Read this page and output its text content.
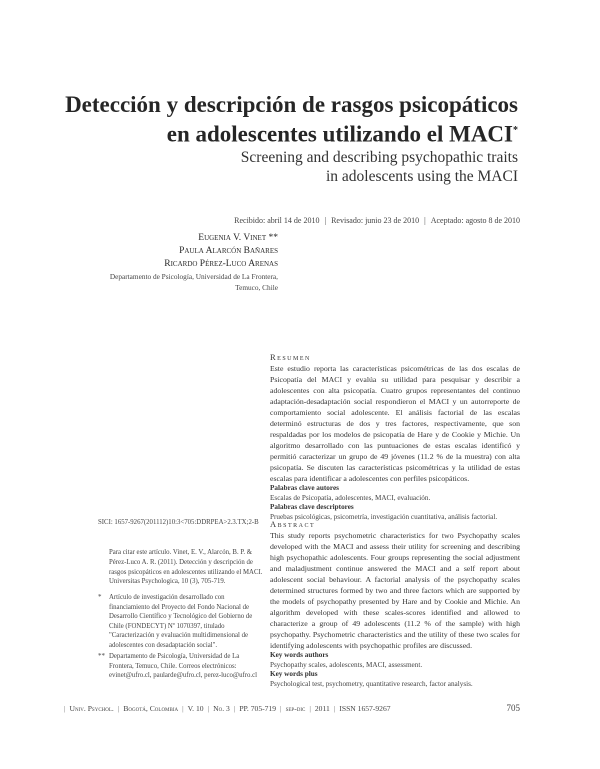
Detección y descripción de rasgos psicopáticos
en adolescentes utilizando el MACI*
Screening and describing psychopathic traits
in adolescents using the MACI
Recibido: abril 14 de 2010 | Revisado: junio 23 de 2010 | Aceptado: agosto 8 de 2010
Eugenia V. Vinet **
Paula Alarcón Bañares
Ricardo Pérez-Luco Arenas
Departamento de Psicología, Universidad de La Frontera,
Temuco, Chile
Resumen
Este estudio reporta las características psicométricas de las dos escalas de Psicopatía del MACI y evalúa su utilidad para pesquisar y describir a adolescentes con alta psicopatía. Cuatro grupos representantes del continuo adaptación-desadaptación social respondieron el MACI y un autorreporte de comportamiento social adolescente. El análisis factorial de las escalas determinó estructuras de dos y tres factores, respectivamente, que son respaldadas por los modelos de psicopatía de Hare y de Cookie y Michie. Un algoritmo desarrollado con las puntuaciones de estas escalas identificó y permitió caracterizar un grupo de 49 jóvenes (11.2 % de la muestra) con alta psicopatía. Se discuten las características psicométricas y la utilidad de estas escalas para identificar a adolescentes con perfiles psicopáticos.
Palabras clave autores
Escalas de Psicopatía, adolescentes, MACI, evaluación.
Palabras clave descriptores
Pruebas psicológicas, psicometría, investigación cuantitativa, análisis factorial.
SICI: 1657-9267(201112)10:3<705:DDRPEA>2.3.TX;2-B	Abstract
This study reports psychometric characteristics for two Psychopathy scales developed with the MACI and assess their utility for screening and describing high psychopathic adolescents. Four groups representing the social adjustment and maladjustment continue answered the MACI and a self report about adolescent social behaviour. A factorial analysis of the psychopathy scales determined structures formed by two and three factors which are supported by the models of psychopathy presented by Hare and by Cookie and Michie. An algorithm developed with these scales-scores identified and allowed to characterize a group of 49 adolescents (11.2 % of the sample) with high psychopathy. Psychometric characteristics and the utility of these two scales for identifying adolescents with psychopathic profiles are discussed.
Key words authors
Psychopathy scales, adolescents, MACI, assessment.
Key words plus
Psychological test, psychometry, quantitative research, factor analysis.
Para citar este artículo. Vinet, E. V., Alarcón, B. P. & Pérez-Luco A. R. (2011). Detección y descripción de rasgos psicopáticos en adolescentes utilizando el MACI. Universitas Psychologica, 10 (3), 705-719.
* Artículo de investigación desarrollado con financiamiento del Proyecto del Fondo Nacional de Desarrollo Científico y Tecnológico del Gobierno de Chile (FONDECYT) Nº 1070397, titulado "Caracterización y evaluación multidimensional de adolescentes con desadaptación social".
** Departamento de Psicología, Universidad de La Frontera, Temuco, Chile. Correos electrónicos: evinet@ufro.cl, paularde@ufro.cl, perez-luco@ufro.cl
| Univ. Psychol. | Bogotá, Colombia | V. 10 | No. 3 | PP. 705-719 | sep-dic | 2011 | ISSN 1657-9267	705
